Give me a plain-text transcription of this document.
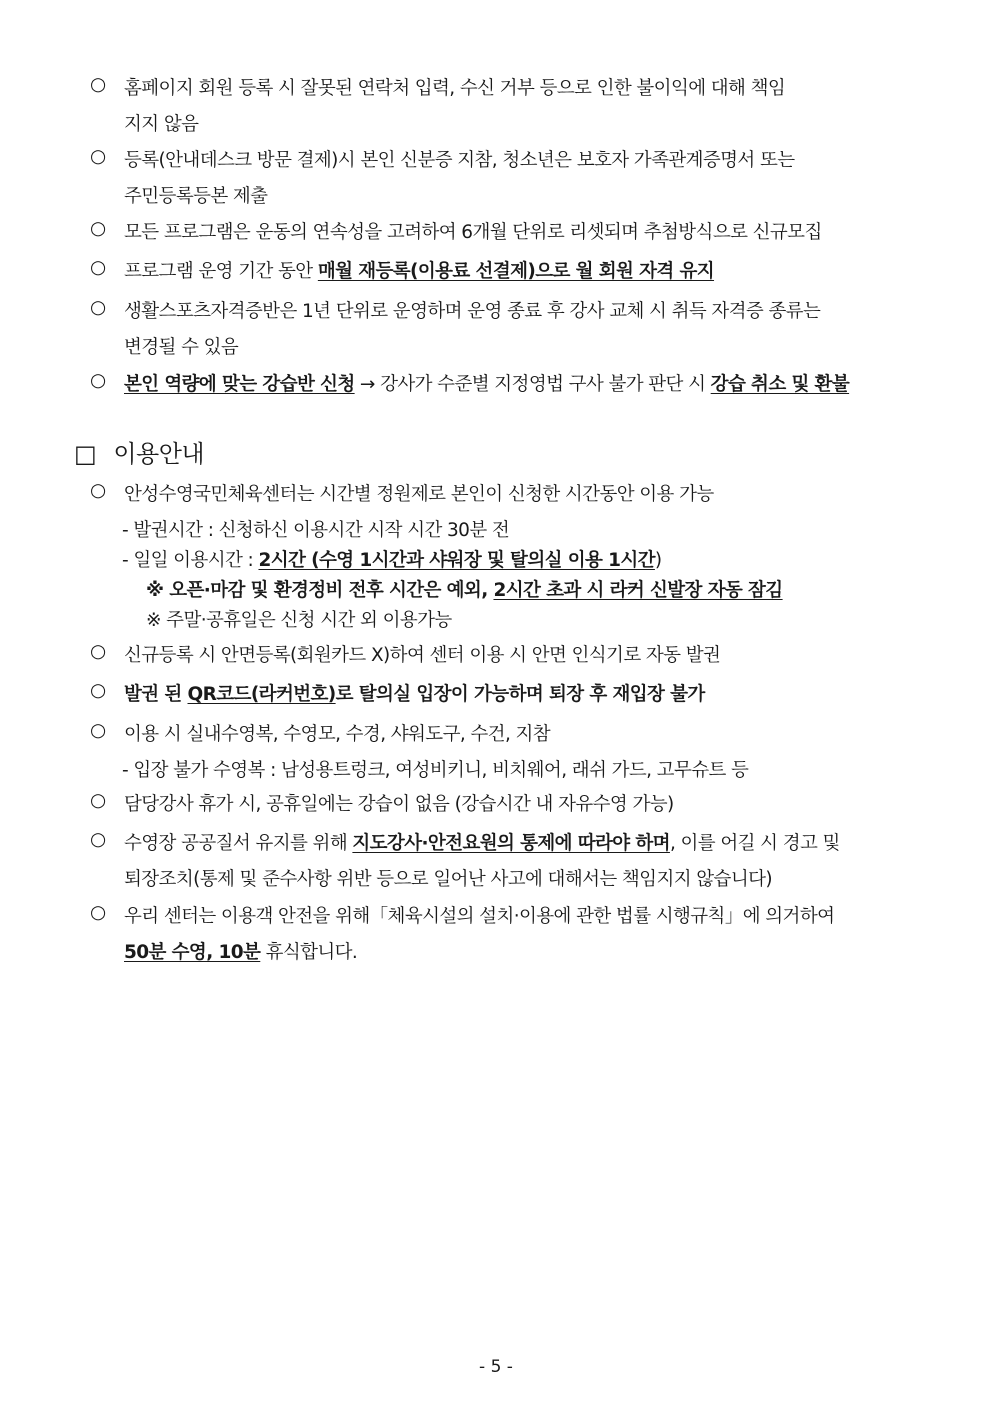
○ 홈페이지 회원 등록 시 잘못된 연락처 입력, 수신 거부 등으로 인한 불이익에 대해 책임
지지 않음
○ 등록(안내데스크 방문 결제)시 본인 신분증 지참, 청소년은 보호자 가족관계증명서 또는
주민등록등본 제출
○ 모든 프로그램은 운동의 연속성을 고려하여 6개월 단위로 리셋되며 추첨방식으로 신규모집
○ 프로그램 운영 기간 동안 매월 재등록(이용료 선결제)으로 월 회원 자격 유지
○ 생활스포츠자격증반은 1년 단위로 운영하며 운영 종료 후 강사 교체 시 취득 자격증 종류는
변경될 수 있음
○ 본인 역량에 맞는 강습반 신청 → 강사가 수준별 지정영법 구사 불가 판단 시 강습 취소 및 환불
□ 이용안내
○ 안성수영국민체육센터는 시간별 정원제로 본인이 신청한 시간동안 이용 가능
- 발권시간 : 신청하신 이용시간 시작 시간 30분 전
- 일일 이용시간 : 2시간 (수영 1시간과 샤워장 및 탈의실 이용 1시간)
※ 오픈·마감 및 환경정비 전후 시간은 예외, 2시간 초과 시 라커 신발장 자동 잠김
※ 주말·공휴일은 신청 시간 외 이용가능
○ 신규등록 시 안면등록(회원카드 X)하여 센터 이용 시 안면 인식기로 자동 발권
○ 발권 된 QR코드(라커번호)로 탈의실 입장이 가능하며 퇴장 후 재입장 불가
○ 이용 시 실내수영복, 수영모, 수경, 샤워도구, 수건, 지참
- 입장 불가 수영복 : 남성용트렁크, 여성비키니, 비치웨어, 래쉬 가드, 고무슈트 등
○ 담당강사 휴가 시, 공휴일에는 강습이 없음 (강습시간 내 자유수영 가능)
○ 수영장 공공질서 유지를 위해 지도강사·안전요원의 통제에 따라야 하며, 이를 어길 시 경고 및
퇴장조치(통제 및 준수사항 위반 등으로 일어난 사고에 대해서는 책임지지 않습니다)
○ 우리 센터는 이용객 안전을 위해「체육시설의 설치·이용에 관한 법률 시행규칙」에 의거하여
50분 수영, 10분 휴식합니다.
- 5 -
